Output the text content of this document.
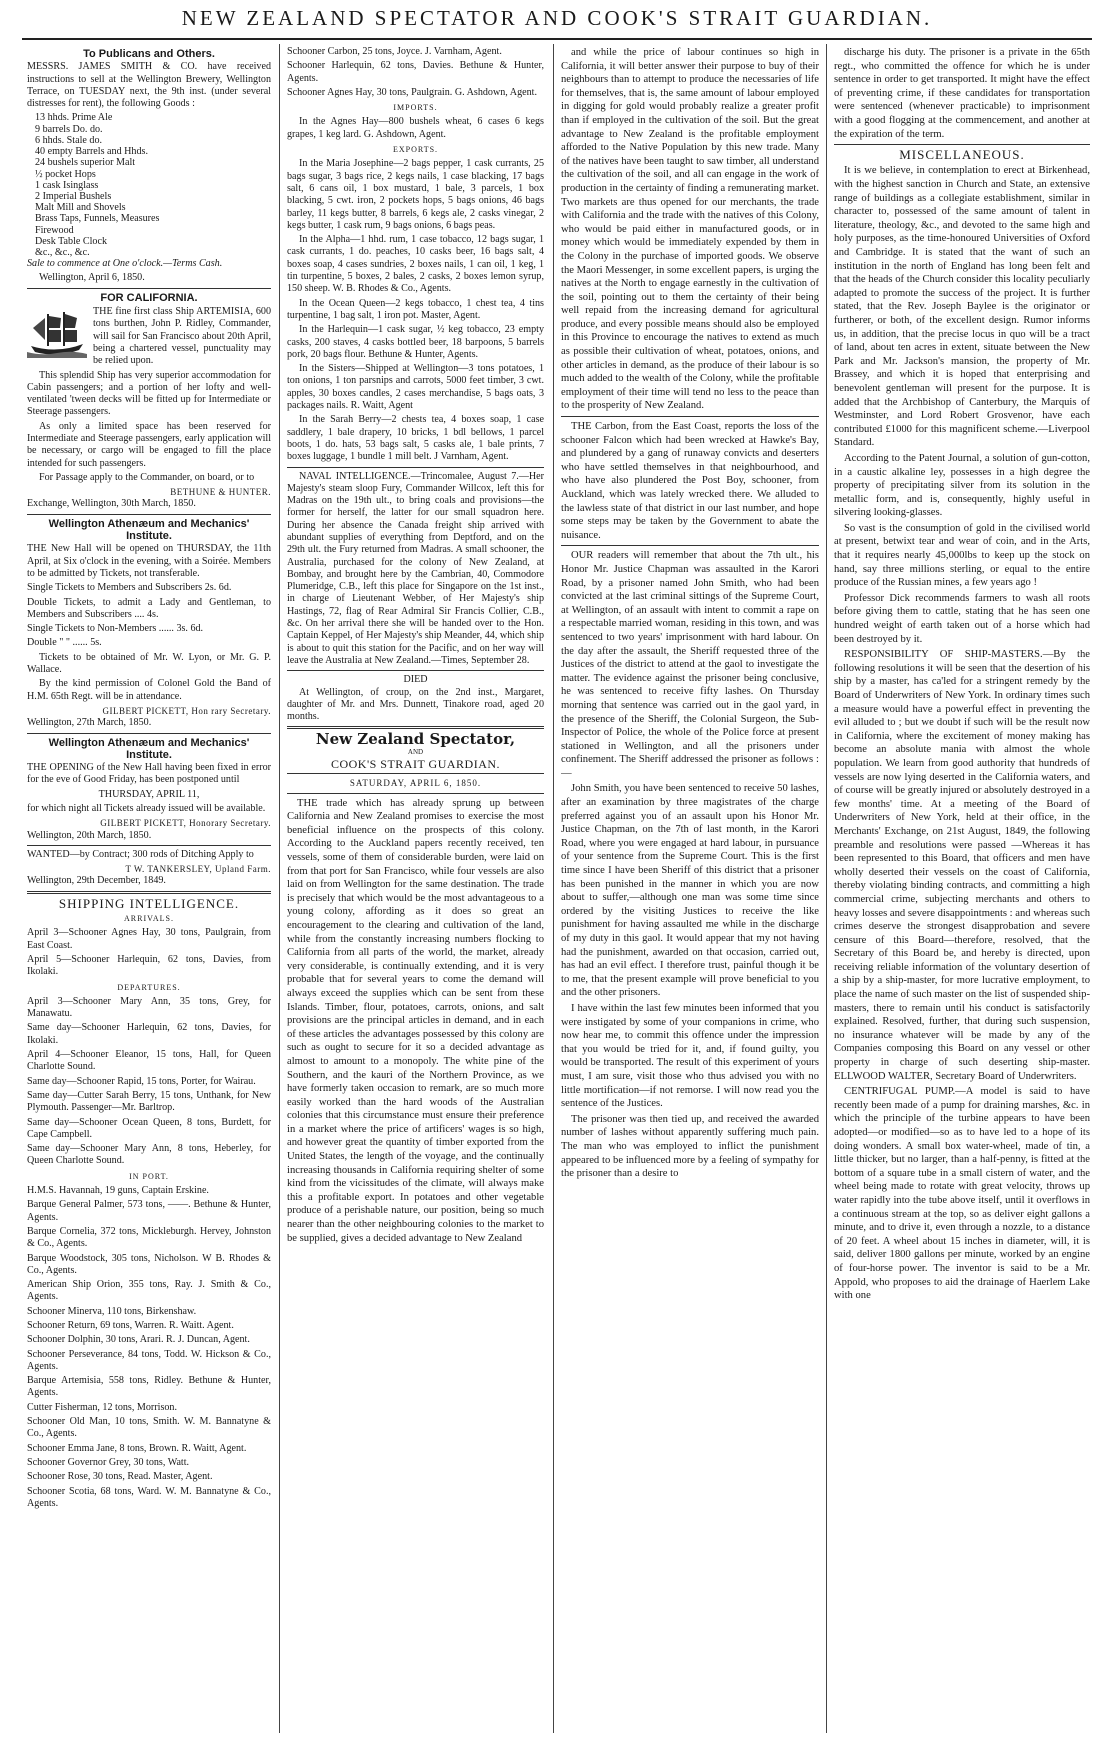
NEW ZEALAND SPECTATOR AND COOK'S STRAIT GUARDIAN.
To Publicans and Others.

MESSRS. JAMES SMITH & CO. have received instructions to sell at the Wellington Brewery, Wellington Terrace, on TUESDAY next, the 9th inst. (under several distresses for rent), the following Goods :

13 hhds. Prime Ale
9 barrels Do. do.
6 hhds. Stale do.
40 empty Barrels and Hhds.
24 bushels superior Malt
½ pocket Hops
1 cask Isinglass
2 Imperial Bushels
Malt Mill and Shovels
Brass Taps, Funnels, Measures
Firewood
Desk Table Clock
&c., &c., &c.

Sale to commence at One o'clock.—Terms Cash.

Wellington, April 6, 1850.

FOR CALIFORNIA.

THE fine first class Ship ARTEMISIA, 600 tons burthen, John P. Ridley, Commander, will sail for San Francisco about 20th April, being a chartered vessel, punctuality may be relied upon.

This splendid Ship has very superior accommodation for Cabin passengers; and a portion of her lofty and well-ventilated 'tween decks will be fitted up for Intermediate or Steerage passengers.

As only a limited space has been reserved for Intermediate and Steerage passengers, early application will be necessary, or cargo will be engaged to fill the place intended for such passengers.

For Passage apply to the Commander, on board, or to

BETHUNE & HUNTER.

Exchange, Wellington, 30th March, 1850.

Wellington Athenæum and Mechanics' Institute.

THE New Hall will be opened on THURSDAY, the 11th April, at Six o'clock in the evening, with a Soirée. Members to be admitted by Tickets, not transferable.

Single Tickets to Members and Subscribers 2s. 6d.

Double Tickets, to admit a Lady and Gentleman, to Members and Subscribers .... 4s.

Single Tickets to Non-Members ...... 3s. 6d.

Double " " ...... 5s.

Tickets to be obtained of Mr. W. Lyon, or Mr. G. P. Wallace.

By the kind permission of Colonel Gold the Band of H.M. 65th Regt. will be in attendance.

GILBERT PICKETT, Hon rary Secretary.

Wellington, 27th March, 1850.

Wellington Athenæum and Mechanics' Institute.

THE OPENING of the New Hall having been fixed in error for the eve of Good Friday, has been postponed until

THURSDAY, APRIL 11,

for which night all Tickets already issued will be available.

GILBERT PICKETT, Honorary Secretary.

Wellington, 20th March, 1850.

WANTED—by Contract; 300 rods of Ditching Apply to

T W. TANKERSLEY, Upland Farm.

Wellington, 29th December, 1849.

SHIPPING INTELLIGENCE.
ARRIVALS.

April 3—Schooner Agnes Hay, 30 tons, Paulgrain, from East Coast.

April 5—Schooner Harlequin, 62 tons, Davies, from Ikolaki.

DEPARTURES.

April 3—Schooner Mary Ann, 35 tons, Grey, for Manawatu.

Same day—Schooner Harlequin, 62 tons, Davies, for Ikolaki.

April 4—Schooner Eleanor, 15 tons, Hall, for Queen Charlotte Sound.

Same day—Schooner Rapid, 15 tons, Porter, for Wairau.

Same day—Cutter Sarah Berry, 15 tons, Unthank, for New Plymouth. Passenger—Mr. Barltrop.

Same day—Schooner Ocean Queen, 8 tons, Burdett, for Cape Campbell.

Same day—Schooner Mary Ann, 8 tons, Heberley, for Queen Charlotte Sound.

IN PORT.

H.M.S. Havannah, 19 guns, Captain Erskine.

Barque General Palmer, 573 tons, ——. Bethune & Hunter, Agents.

Barque Cornelia, 372 tons, Mickleburgh. Hervey, Johnston & Co., Agents.

Barque Woodstock, 305 tons, Nicholson. W B. Rhodes & Co., Agents.

American Ship Orion, 355 tons, Ray. J. Smith & Co., Agents.

Schooner Minerva, 110 tons, Birkenshaw.

Schooner Return, 69 tons, Warren. R. Waitt. Agent.

Schooner Dolphin, 30 tons, Arari. R. J. Duncan, Agent.

Schooner Perseverance, 84 tons, Todd. W. Hickson & Co., Agents.

Barque Artemisia, 558 tons, Ridley. Bethune & Hunter, Agents.

Cutter Fisherman, 12 tons, Morrison.

Schooner Old Man, 10 tons, Smith. W. M. Bannatyne & Co., Agents.

Schooner Emma Jane, 8 tons, Brown. R. Waitt, Agent.

Schooner Governor Grey, 30 tons, Watt.

Schooner Rose, 30 tons, Read. Master, Agent.

Schooner Scotia, 68 tons, Ward. W. M. Bannatyne & Co., Agents.

Schooner Carbon, 25 tons, Joyce. J. Varnham, Agent.

Schooner Harlequin, 62 tons, Davies. Bethune & Hunter, Agents.

Schooner Agnes Hay, 30 tons, Paulgrain. G. Ashdown, Agent.

IMPORTS.

In the Agnes Hay—800 bushels wheat, 6 cases 6 kegs grapes, 1 keg lard. G. Ashdown, Agent.

EXPORTS.

In the Maria Josephine—2 bags pepper, 1 cask currants, 25 bags sugar, 3 bags rice, 2 kegs nails, 1 case blacking, 17 bags salt, 6 cans oil, 1 box mustard, 1 bale, 3 parcels, 1 box blacking, 5 cwt. iron, 2 pockets hops, 5 bags onions, 46 bags barley, 11 kegs butter, 8 barrels, 6 kegs ale, 2 casks vinegar, 2 kegs butter, 1 cask rum, 9 bags onions, 6 bags peas.

In the Alpha—1 hhd. rum, 1 case tobacco, 12 bags sugar, 1 cask currants, 1 do. peaches, 10 casks beer, 16 bags salt, 4 boxes soap, 4 cases sundries, 2 boxes nails, 1 can oil, 1 keg, 1 tin turpentine, 5 boxes, 2 bales, 2 casks, 2 boxes lemon syrup, 150 sheep. W. B. Rhodes & Co., Agents.

In the Ocean Queen—2 kegs tobacco, 1 chest tea, 4 tins turpentine, 1 bag salt, 1 iron pot. Master, Agent.

In the Harlequin—1 cask sugar, ½ keg tobacco, 23 empty casks, 200 staves, 4 casks bottled beer, 18 barpoons, 5 barrels pork, 20 bags flour. Bethune & Hunter, Agents.

In the Sisters—Shipped at Wellington—3 tons potatoes, 1 ton onions, 1 ton parsnips and carrots, 5000 feet timber, 3 cwt. apples, 30 boxes candles, 2 cases merchandise, 5 bags oats, 3 packages nails. R. Waitt, Agent

In the Sarah Berry—2 chests tea, 4 boxes soap, 1 case saddlery, 1 bale drapery, 10 bricks, 1 bdl bellows, 1 parcel boots, 1 do. hats, 53 bags salt, 5 casks ale, 1 bale prints, 7 boxes luggage, 1 bundle 1 mill belt. J Varnham, Agent.

NAVAL INTELLIGENCE.—Trincomalee, August 7.—Her Majesty's steam sloop Fury, Commander Willcox, left this for Madras on the 19th ult., to bring coals and provisions—the former for herself, the latter for our small squadron here. During her absence the Canada freight ship arrived with abundant supplies of everything from Deptford, and on the 29th ult. the Fury returned from Madras. A small schooner, the Australia, purchased for the colony of New Zealand, at Bombay, and brought here by the Cambrian, 40, Commodore Plumeridge, C.B., left this place for Singapore on the 1st inst., in charge of Lieutenant Webber, of Her Majesty's ship Hastings, 72, flag of Rear Admiral Sir Francis Collier, C.B., &c. On her arrival there she will be handed over to the Hon. Captain Keppel, of Her Majesty's ship Meander, 44, which ship is about to quit this station for the Pacific, and on her way will leave the Australia at New Zealand.—Times, September 28.

DIED

At Wellington, of croup, on the 2nd inst., Margaret, daughter of Mr. and Mrs. Dunnett, Tinakore road, aged 20 months.

New Zealand Spectator,
AND
COOK'S STRAIT GUARDIAN.
SATURDAY, APRIL 6, 1850.

THE trade which has already sprung up between California and New Zealand promises to exercise the most beneficial influence on the prospects of this colony. According to the Auckland papers recently received, ten vessels, some of them of considerable burden, were laid on from that port for San Francisco, while four vessels are also laid on from Wellington for the same destination. The trade is precisely that which would be the most advantageous to a young colony, affording as it does so great an encouragement to the clearing and cultivation of the land, while from the constantly increasing numbers flocking to California from all parts of the world, the market, already very considerable, is continually extending, and it is very probable that for several years to come the demand will always exceed the supplies which can be sent from these Islands. Timber, flour, potatoes, carrots, onions, and salt provisions are the principal articles in demand, and in each of these articles the advantages possessed by this colony are such as ought to secure for it so a decided advantage as almost to amount to a monopoly. The white pine of the Southern, and the kauri of the Northern Province, as we have formerly taken occasion to remark, are so much more easily worked than the hard woods of the Australian colonies that this circumstance must ensure their preference in a market where the price of artificers' wages is so high, and however great the quantity of timber exported from the United States, the length of the voyage, and the continually increasing thousands in California requiring shelter of some kind from the vicissitudes of the climate, will always make this a profitable export. In potatoes and other vegetable produce of a perishable nature, our position, being so much nearer than the other neighbouring colonies to the market to be supplied, gives a decided advantage to New Zealand

and while the price of labour continues so high in California, it will better answer their purpose to buy of their neighbours than to attempt to produce the necessaries of life for themselves, that is, the same amount of labour employed in digging for gold would probably realize a greater profit than if employed in the cultivation of the soil. But the great advantage to New Zealand is the profitable employment afforded to the Native Population by this new trade. Many of the natives have been taught to saw timber, all understand the cultivation of the soil, and all can engage in the work of production in the certainty of finding a remunerating market. Two markets are thus opened for our merchants, the trade with California and the trade with the natives of this Colony, who would be paid either in manufactured goods, or in money which would be immediately expended by them in the Colony in the purchase of imported goods. We observe the Maori Messenger, in some excellent papers, is urging the natives at the North to engage earnestly in the cultivation of the soil, pointing out to them the certainty of their being well repaid from the increasing demand for agricultural produce, and every possible means should also be employed in this Province to encourage the natives to extend as much as possible their cultivation of wheat, potatoes, onions, and other articles in demand, as the produce of their labour is so much added to the wealth of the Colony, while the profitable employment of their time will tend no less to the peace than to the prosperity of New Zealand.

THE Carbon, from the East Coast, reports the loss of the schooner Falcon which had been wrecked at Hawke's Bay, and plundered by a gang of runaway convicts and deserters who have settled themselves in that neighbourhood, and who have also plundered the Post Boy, schooner, from Auckland, which was lately wrecked there. We alluded to the lawless state of that district in our last number, and hope some steps may be taken by the Government to abate the nuisance.

OUR readers will remember that about the 7th ult., his Honor Mr. Justice Chapman was assaulted in the Karori Road, by a prisoner named John Smith, who had been convicted at the last criminal sittings of the Supreme Court, at Wellington, of an assault with intent to commit a rape on a respectable married woman, residing in this town, and was sentenced to two years' imprisonment with hard labour. On the day after the assault, the Sheriff requested three of the Justices of the district to attend at the gaol to investigate the matter. The evidence against the prisoner being conclusive, he was sentenced to receive fifty lashes. On Thursday morning that sentence was carried out in the gaol yard, in the presence of the Sheriff, the Colonial Surgeon, the Sub-Inspector of Police, the whole of the Police force at present stationed in Wellington, and all the prisoners under confinement. The Sheriff addressed the prisoner as follows :—

John Smith, you have been sentenced to receive 50 lashes, after an examination by three magistrates of the charge preferred against you of an assault upon his Honor Mr. Justice Chapman, on the 7th of last month, in the Karori Road, where you were engaged at hard labour, in pursuance of your sentence from the Supreme Court. This is the first time since I have been Sheriff of this district that a prisoner has been punished in the manner in which you are now about to suffer,—although one man was some time since ordered by the visiting Justices to receive the like punishment for having assaulted me while in the discharge of my duty in this gaol. It would appear that my not having had the punishment, awarded on that occasion, carried out, has had an evil effect. I therefore trust, painful though it be to me, that the present example will prove beneficial to you and the other prisoners.

I have within the last few minutes been informed that you were instigated by some of your companions in crime, who now hear me, to commit this offence under the impression that you would be tried for it, and, if found guilty, you would be transported. The result of this experiment of yours must, I am sure, visit those who thus advised you with no little mortification—if not remorse. I will now read you the sentence of the Justices.

The prisoner was then tied up, and received the awarded number of lashes without apparently suffering much pain. The man who was employed to inflict the punishment appeared to be influenced more by a feeling of sympathy for the prisoner than a desire to

discharge his duty. The prisoner is a private in the 65th regt., who committed the offence for which he is under sentence in order to get transported. It might have the effect of preventing crime, if these candidates for transportation were sentenced (whenever practicable) to imprisonment with a good flogging at the commencement, and another at the expiration of the term.

MISCELLANEOUS.

It is we believe, in contemplation to erect at Birkenhead, with the highest sanction in Church and State, an extensive range of buildings as a collegiate establishment, similar in character to, possessed of the same amount of talent in literature, theology, &c., and devoted to the same high and holy purposes, as the time-honoured Universities of Oxford and Cambridge. It is stated that the want of such an institution in the north of England has long been felt and that the heads of the Church consider this locality peculiarly adapted to promote the success of the project. It is further stated, that the Rev. Joseph Baylee is the originator or furtherer, or both, of the excellent design. Rumor informs us, in addition, that the precise locus in quo will be a tract of land, about ten acres in extent, situate between the New Park and Mr. Jackson's mansion, the property of Mr. Brassey, and which it is hoped that enterprising and benevolent gentleman will present for the purpose. It is added that the Archbishop of Canterbury, the Marquis of Westminster, and Lord Robert Grosvenor, have each contributed £1000 for this magnificent scheme.—Liverpool Standard.

According to the Patent Journal, a solution of gun-cotton, in a caustic alkaline ley, possesses in a high degree the property of precipitating silver from its solution in the metallic form, and is, consequently, highly useful in silvering looking-glasses.

So vast is the consumption of gold in the civilised world at present, betwixt tear and wear of coin, and in the Arts, that it requires nearly 45,000lbs to keep up the stock on hand, say three millions sterling, or equal to the entire produce of the Russian mines, a few years ago !

Professor Dick recommends farmers to wash all roots before giving them to cattle, stating that he has seen one hundred weight of earth taken out of a horse which had been destroyed by it.

RESPONSIBILITY OF SHIP-MASTERS.—By the following resolutions it will be seen that the desertion of his ship by a master, has ca'led for a stringent remedy by the Board of Underwriters of New York. In ordinary times such a measure would have a powerful effect in preventing the evil alluded to ; but we doubt if such will be the result now in California, where the excitement of money making has become an absolute mania with almost the whole population. We learn from good authority that hundreds of vessels are now lying deserted in the California waters, and of course will be greatly injured or absolutely destroyed in a few months' time. At a meeting of the Board of Underwriters of New York, held at their office, in the Merchants' Exchange, on 21st August, 1849, the following preamble and resolutions were passed —Whereas it has been represented to this Board, that officers and men have wholly deserted their vessels on the coast of California, thereby violating binding contracts, and committing a high commercial crime, subjecting merchants and others to heavy losses and severe disappointments : and whereas such crimes deserve the strongest disapprobation and severe censure of this Board—therefore, resolved, that the Secretary of this Board be, and hereby is directed, upon receiving reliable information of the voluntary desertion of a ship by a ship-master, for more lucrative employment, to place the name of such master on the list of suspended ship-masters, there to remain until his conduct is satisfactorily explained. Resolved, further, that during such suspension, no insurance whatever will be made by any of the Companies composing this Board on any vessel or other property in charge of such deserting ship-master. ELLWOOD WALTER, Secretary Board of Underwriters.

CENTRIFUGAL PUMP.—A model is said to have recently been made of a pump for draining marshes, &c. in which the principle of the turbine appears to have been adopted—or modified—so as to have led to a hope of its doing wonders. A small box water-wheel, made of tin, a little thicker, but no larger, than a half-penny, is fitted at the bottom of a square tube in a small cistern of water, and the wheel being made to rotate with great velocity, throws up water rapidly into the tube above itself, until it overflows in a continuous stream at the top, so as deliver eight gallons a minute, and to drive it, even through a nozzle, to a distance of 20 feet. A wheel about 15 inches in diameter, will, it is said, deliver 1800 gallons per minute, worked by an engine of four-horse power. The inventor is said to be a Mr. Appold, who proposes to aid the drainage of Haerlem Lake with one
